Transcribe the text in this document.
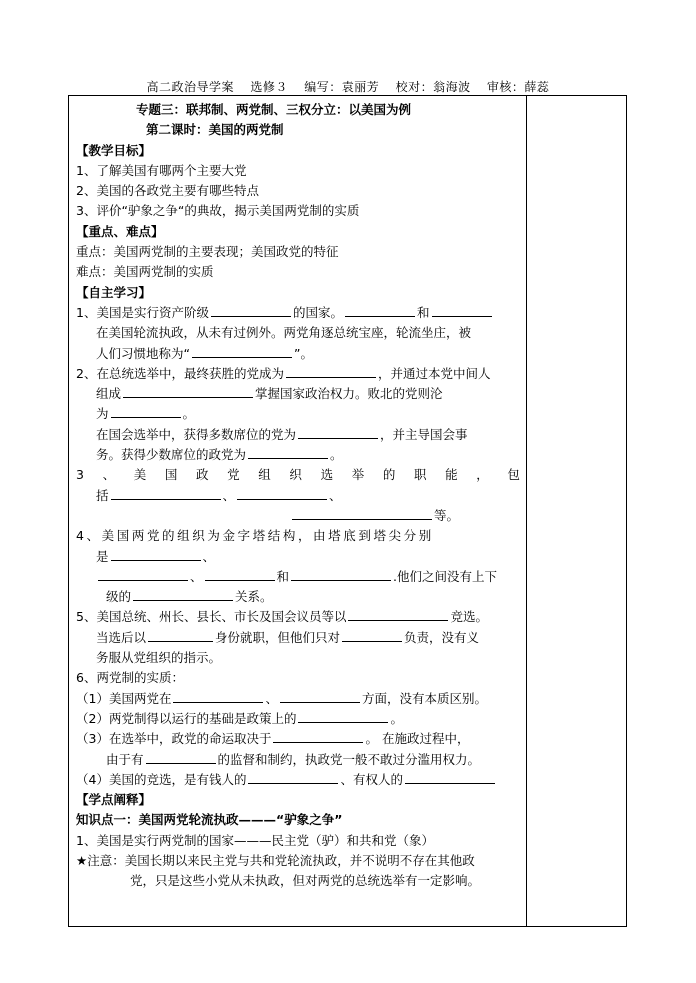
高二政治导学案 选修３ 编写：袁丽芳 校对：翁海波 审核：薛蕊
专题三：联邦制、两党制、三权分立：以美国为例
第二课时：美国的两党制
【教学目标】
1、了解美国有哪两个主要大党
2、美国的各政党主要有哪些特点
3、评价“驴象之争“的典故，揭示美国两党制的实质
【重点、难点】
重点：美国两党制的主要表现；美国政党的特征
难点：美国两党制的实质
【自主学习】
1、美国是实行资产阶级	的国家。	和
在美国轮流执政，从未有过例外。两党角逐总统宝座，轮流坐庄，被
人们习惯地称为“	”。
2、在总统选举中，最终获胜的党成为	，并通过本党中间人
组成	掌握国家政治权力。败北的党则沦
为	。
在国会选举中，获得多数席位的党为	，并主导国会事
务。获得少数席位的政党为	。
3 、 美 国 政 党 组 织 选 举 的 职 能 ， 包
括	、	、
等。
4、美国两党的组织为金字塔结构，由塔底到塔尖分别
是	、
、	和	.他们之间没有上下
级的	关系。
5、美国总统、州长、县长、市长及国会议员等以	竞选。
当选后以	身份就职，但他们只对	负责，没有义
务服从党组织的指示。
6、两党制的实质：
（1）美国两党在	、	方面，没有本质区别。
（2）两党制得以运行的基础是政策上的	。
（3）在选举中，政党的命运取决于	。 在施政过程中，
由于有	的监督和制约，执政党一般不敢过分滥用权力。
（4）美国的竞选，是有钱人的	、有权人的
【学点阐释】
知识点一：美国两党轮流执政———“驴象之争”
1、美国是实行两党制的国家———民主党（驴）和共和党（象）
★注意：美国长期以来民主党与共和党轮流执政，并不说明不存在其他政
党，只是这些小党从未执政，但对两党的总统选举有一定影响。
